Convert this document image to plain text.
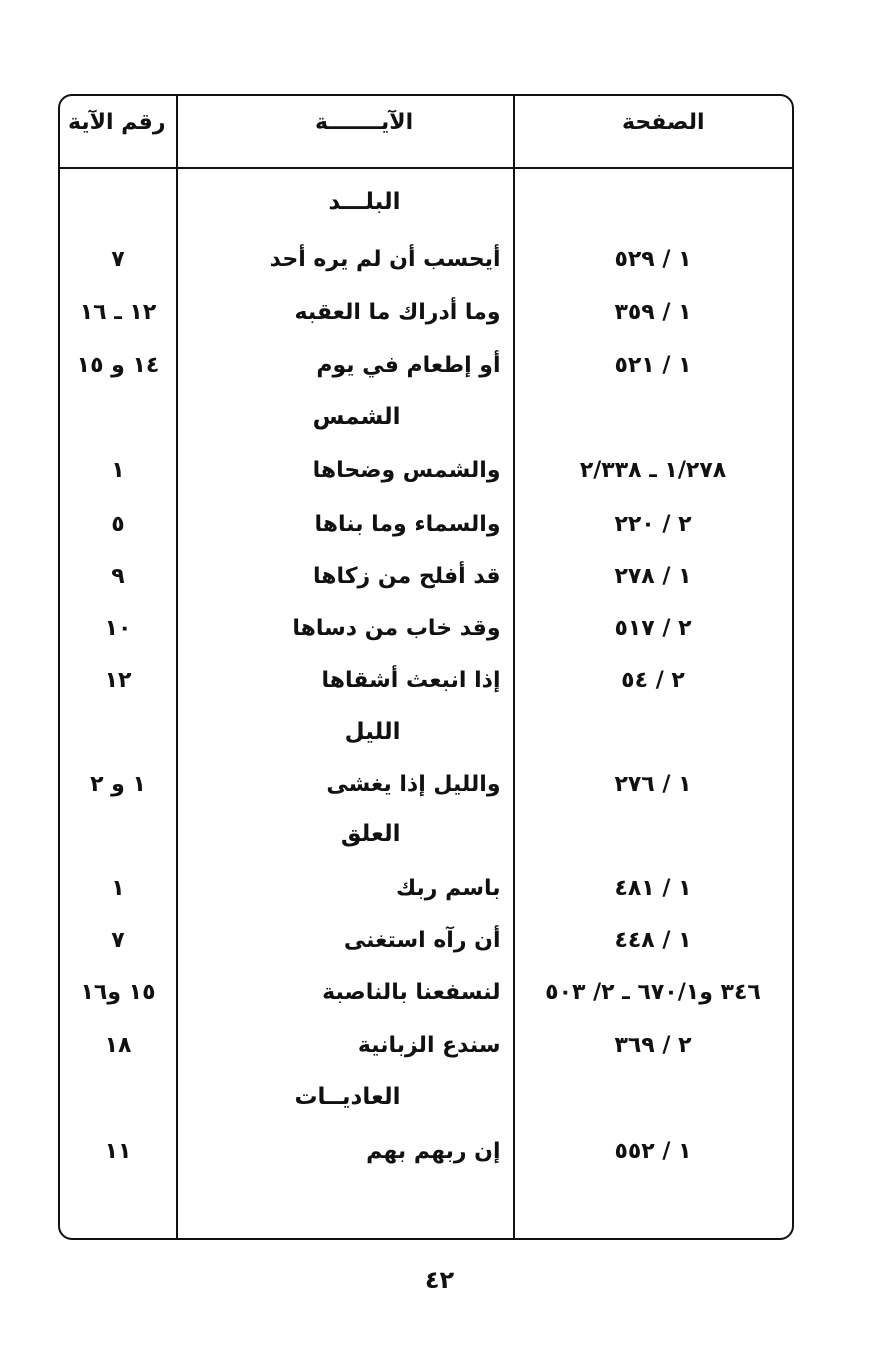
رقم الآية	الآيـــــــة	الصفحة
البلـــد
٧	أيحسب أن لم يره أحد	١ / ٥٢٩
١٢ ـ ١٦	وما أدراك ما العقبه	١ / ٣٥٩
١٤ و ١٥	أو إطعام في يوم	١ / ٥٢١
الشمس
١	والشمس وضحاها	١/٢٧٨ ـ ٢/٣٣٨
٥	والسماء وما بناها	٢ / ٢٢٠
٩	قد أفلح من زكاها	١ / ٢٧٨
١٠	وقد خاب من دساها	٢ / ٥١٧
١٢	إذا انبعث أشقاها	٢ / ٥٤
الليل
١ و ٢	والليل إذا يغشى	١ / ٢٧٦
العلق
١	باسم ربك	١ / ٤٨١
٧	أن رآه استغنى	١ / ٤٤٨
١٥ و١٦	لنسفعنا بالناصبة	٣٤٦ و٦٧٠/١ ـ ٢/ ٥٠٣
١٨	سندع الزبانية	٢ / ٣٦٩
العاديــات
١١	إن ربهم بهم	١ / ٥٥٢
٤٢
